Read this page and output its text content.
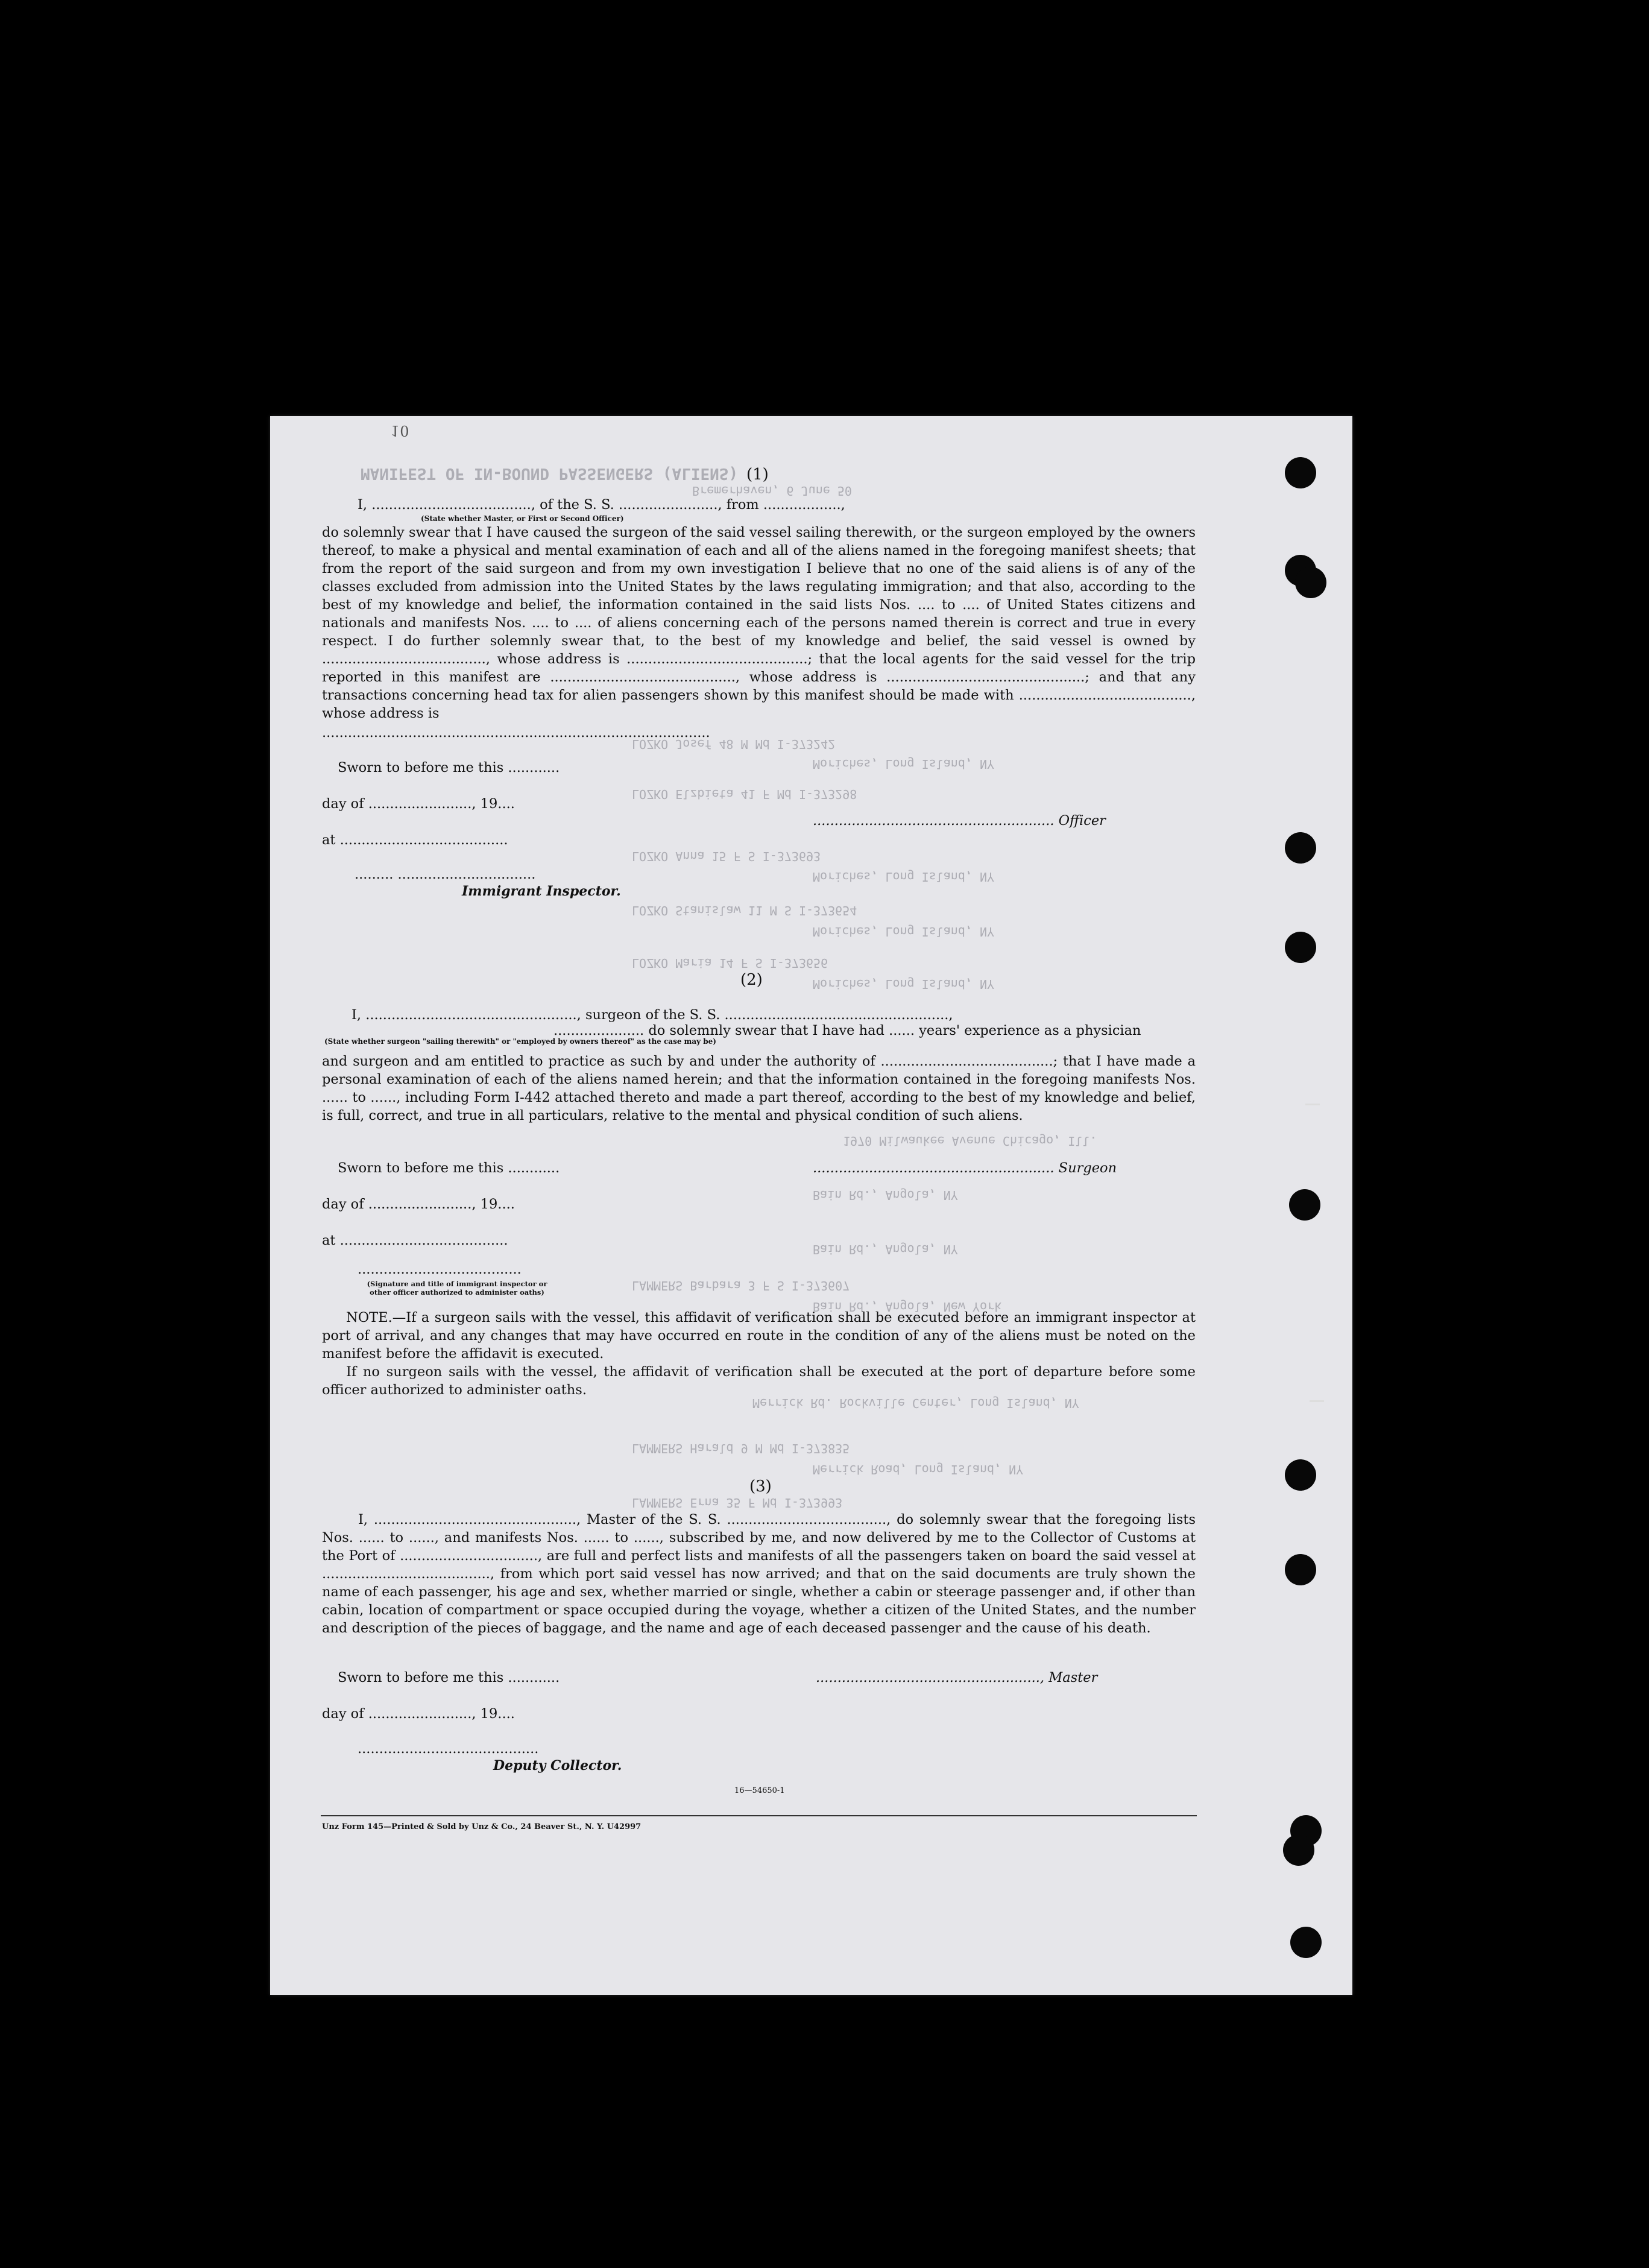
MANIFEST OF IN-BOUND PASSENGERS (ALIENS)
Bremerhaven, 6 June 50
LOZKO Josef 48 M Md I-373242
Moriches, Long Island, NY
LOZKO Elzbieta 41 F Md I-373298
LOZKO Anna 15 F S I-373693
Moriches, Long Island, NY
LOZKO Stanislaw 11 M S I-373654
Moriches, Long Island, NY
LOZKO Maria 14 F S I-373656
Moriches, Long Island, NY
1970 Milwaukee Avenue Chicago, Ill.
Bain Rd., Angola, NY
Bain Rd., Angola, NY
LAMMERS Barbara 3 F S I-373607
Bain Rd., Angola, New York
Merrick Rd. Rockville Center, Long Island, NY
LAMMERS Harald 9 M Md I-373835
Merrick Road, Long Island, NY
LAMMERS Erna 35 F Md I-373993
10
(1)
I, ....................................., of the S. S. ......................., from ..................,
(State whether Master, or First or Second Officer)

do solemnly swear that I have caused the surgeon of the said vessel sailing therewith, or the surgeon employed by the owners thereof, to make a physical and mental examination of each and all of the aliens named in the foregoing manifest sheets; that from the report of the said surgeon and from my own investigation I believe that no one of the said aliens is of any of the classes excluded from admission into the United States by the laws regulating immigration; and that also, according to the best of my knowledge and belief, the information contained in the said lists Nos. .... to .... of United States citizens and nationals and manifests Nos. .... to .... of aliens concerning each of the persons named therein is correct and true in every respect. I do further solemnly swear that, to the best of my knowledge and belief, the said vessel is owned by ......................................, whose address is ..........................................; that the local agents for the said vessel for the trip reported in this manifest are ..........................................., whose address is ..............................................; and that any transactions concerning head tax for alien passengers shown by this manifest should be made with ........................................, whose address is

..........................................................................................
Sworn to before me this ............
day of ........................, 19....
........................................................ Officer
at .......................................
......... ................................
Immigrant Inspector.
(2)
I, ................................................., surgeon of the S. S. ....................................................,
..................... do solemnly swear that I have had ...... years' experience as a physician
(State whether surgeon "sailing therewith" or "employed by owners thereof" as the case may be)

and surgeon and am entitled to practice as such by and under the authority of ........................................; that I have made a personal examination of each of the aliens named herein; and that the information contained in the foregoing manifests Nos. ...... to ......, including Form I-442 attached thereto and made a part thereof, according to the best of my knowledge and belief, is full, correct, and true in all particulars, relative to the mental and physical condition of such aliens.

Sworn to before me this ............
day of ........................, 19....
........................................................ Surgeon
at .......................................
......................................
(Signature and title of immigrant inspector or other officer authorized to administer oaths)

NOTE.—If a surgeon sails with the vessel, this affidavit of verification shall be executed before an immigrant inspector at port of arrival, and any changes that may have occurred en route in the condition of any of the aliens must be noted on the manifest before the affidavit is executed.

If no surgeon sails with the vessel, the affidavit of verification shall be executed at the port of departure before some officer authorized to administer oaths.

(3)

I, ..............................................., Master of the S. S. ....................................., do solemnly swear that the foregoing lists Nos. ...... to ......, and manifests Nos. ...... to ......, subscribed by me, and now delivered by me to the Collector of Customs at the Port of ................................, are full and perfect lists and manifests of all the passengers taken on board the said vessel at ......................................., from which port said vessel has now arrived; and that on the said documents are truly shown the name of each passenger, his age and sex, whether married or single, whether a cabin or steerage passenger and, if other than cabin, location of compartment or space occupied during the voyage, whether a citizen of the United States, and the number and description of the pieces of baggage, and the name and age of each deceased passenger and the cause of his death.

Sworn to before me this ............	...................................................., Master
day of ........................, 19....
..........................................
Deputy Collector.
16—54650-1
Unz Form 145—Printed & Sold by Unz & Co., 24 Beaver St., N. Y. U42997
